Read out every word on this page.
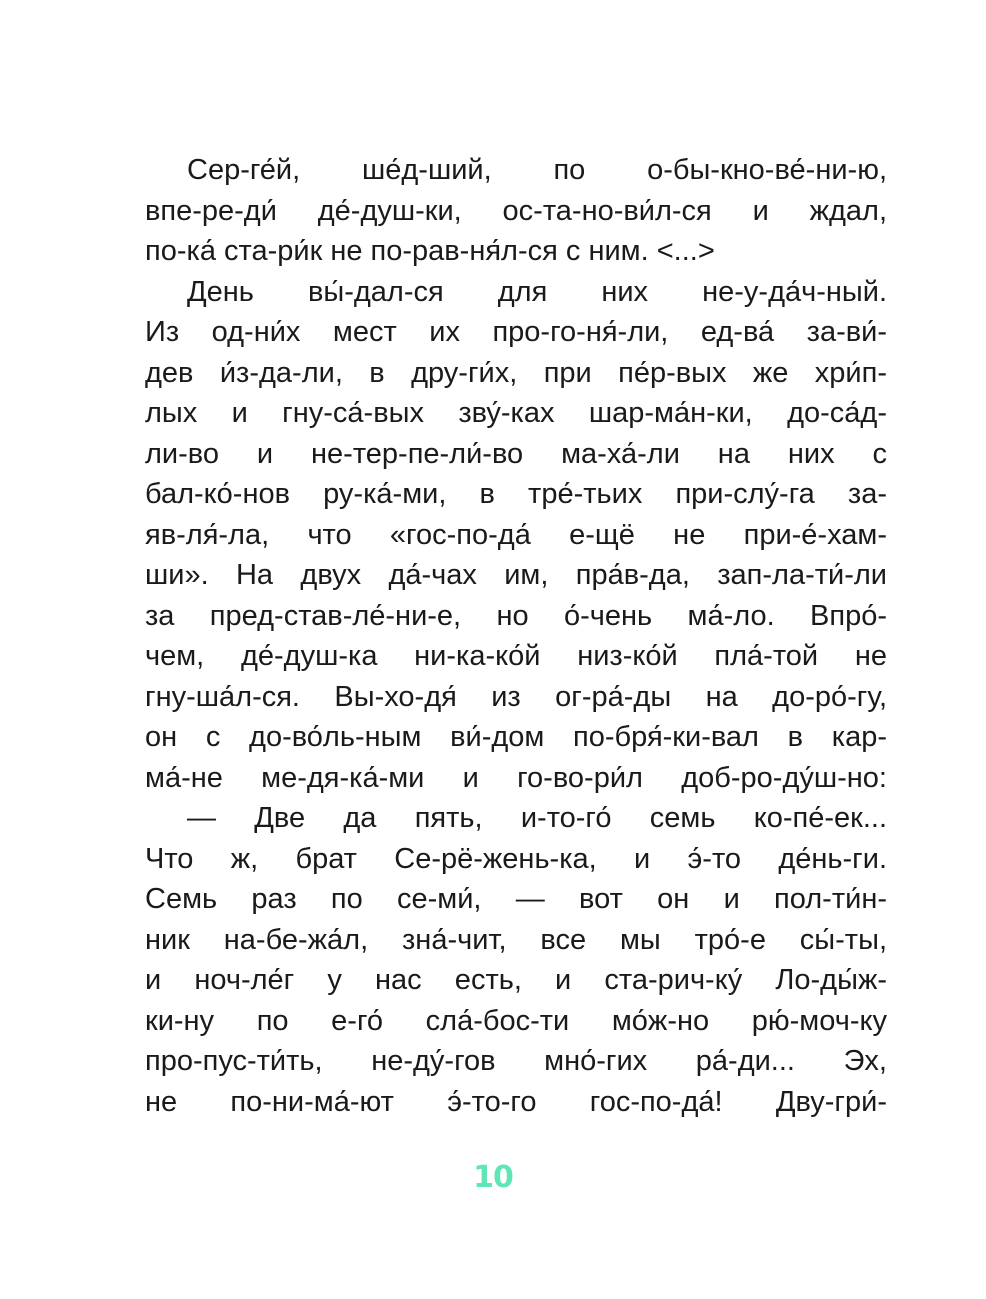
Сер-ге́й, ше́д-ший, по о-бы-кно-ве́-ни-ю,
впе-ре-ди́ де́-душ-ки, ос-та-но-ви́л-ся и ждал,
по-ка́ ста-ри́к не по-рав-ня́л-ся с ним. <...>
День вы́-дал-ся для них не-у-да́ч-ный.
Из од-ни́х мест их про-го-ня́-ли, ед-ва́ за-ви́-
дев и́з-да-ли, в дру-ги́х, при пе́р-вых же хри́п-
лых и гну-са́-вых зву́-ках шар-ма́н-ки, до-са́д-
ли-во и не-тер-пе-ли́-во ма-ха́-ли на них с
бал-ко́-нов ру-ка́-ми, в тре́-тьих при-слу́-га за-
яв-ля́-ла, что «гос-по-да́ е-щё не при-е́-хам-
ши». На двух да́-чах им, пра́в-да, зап-ла-ти́-ли
за пред-став-ле́-ни-е, но о́-чень ма́-ло. Впро́-
чем, де́-душ-ка ни-ка-ко́й низ-ко́й пла́-той не
гну-ша́л-ся. Вы-хо-дя́ из ог-ра́-ды на до-ро́-гу,
он с до-во́ль-ным ви́-дом по-бря́-ки-вал в кар-
ма́-не ме-дя-ка́-ми и го-во-ри́л доб-ро-ду́ш-но:
— Две да пять, и-то-го́ семь ко-пе́-ек...
Что ж, брат Се-рё-жень-ка, и э́-то де́нь-ги.
Семь раз по се-ми́, — вот он и пол-ти́н-
ник на-бе-жа́л, зна́-чит, все мы тро́-е сы́-ты,
и ноч-ле́г у нас есть, и ста-рич-ку́ Ло-ды́ж-
ки-ну по е-го́ сла́-бос-ти мо́ж-но рю́-моч-ку
про-пус-ти́ть, не-ду́-гов мно́-гих ра́-ди... Эх,
не по-ни-ма́-ют э́-то-го гос-по-да́! Дву-гри́-
10
